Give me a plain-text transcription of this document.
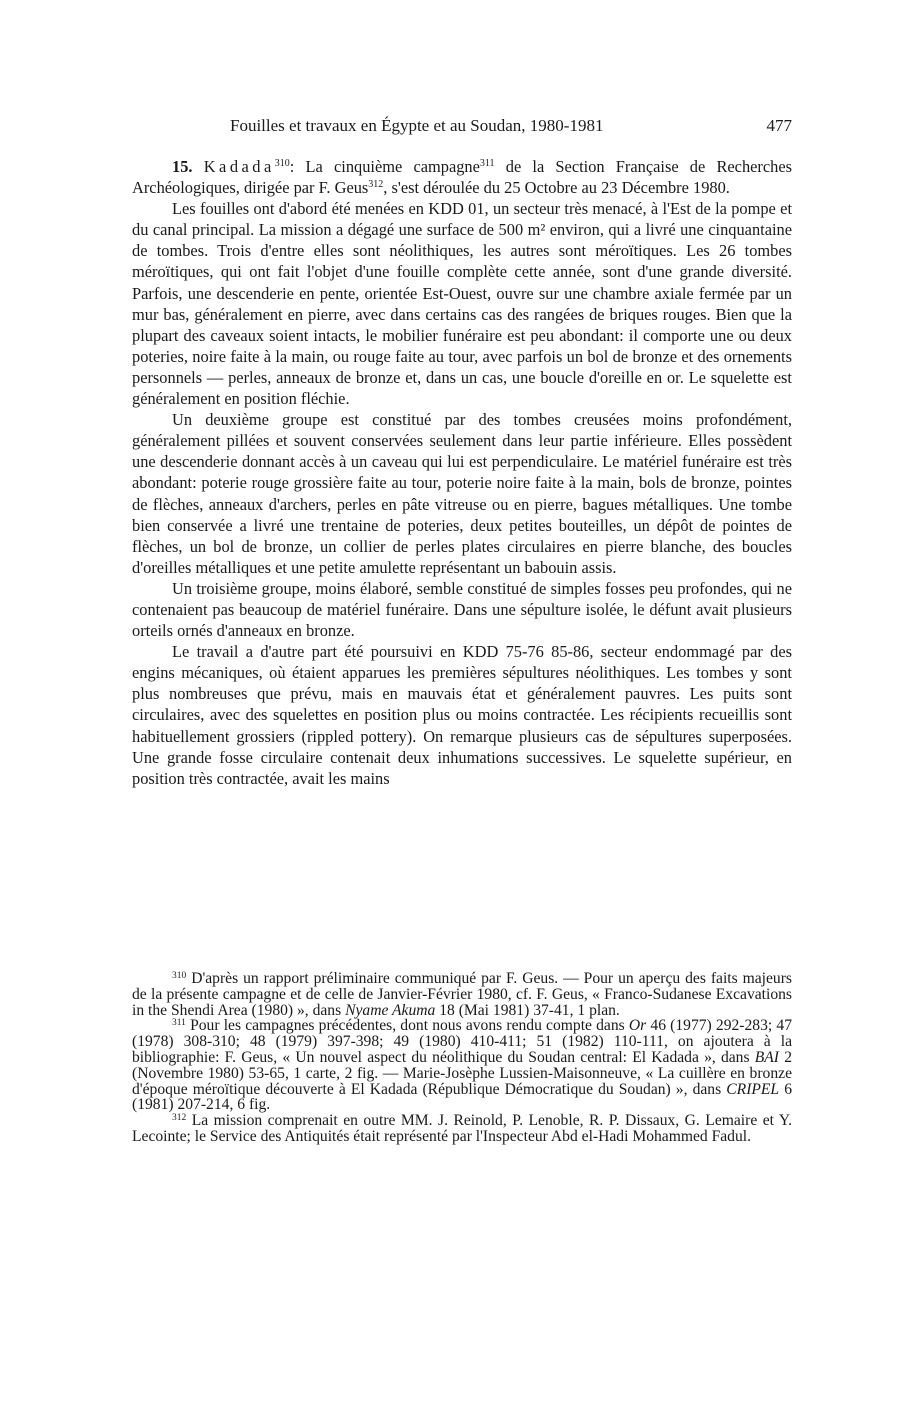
Fouilles et travaux en Égypte et au Soudan, 1980-1981	477

15. Kadada$^{310}$: La cinquième campagne$^{311}$ de la Section Française de Recherches Archéologiques, dirigée par F. Geus$^{312}$, s'est déroulée du 25 Octobre au 23 Décembre 1980.

Les fouilles ont d'abord été menées en KDD 01, un secteur très menacé, à l'Est de la pompe et du canal principal. La mission a dégagé une surface de 500 m² environ, qui a livré une cinquantaine de tombes. Trois d'entre elles sont néolithiques, les autres sont méroïtiques. Les 26 tombes méroïtiques, qui ont fait l'objet d'une fouille complète cette année, sont d'une grande diversité. Parfois, une descenderie en pente, orientée Est-Ouest, ouvre sur une chambre axiale fermée par un mur bas, généralement en pierre, avec dans certains cas des rangées de briques rouges. Bien que la plupart des caveaux soient intacts, le mobilier funéraire est peu abondant: il comporte une ou deux poteries, noire faite à la main, ou rouge faite au tour, avec parfois un bol de bronze et des ornements personnels — perles, anneaux de bronze et, dans un cas, une boucle d'oreille en or. Le squelette est généralement en position fléchie.

Un deuxième groupe est constitué par des tombes creusées moins profondément, généralement pillées et souvent conservées seulement dans leur partie inférieure. Elles possèdent une descenderie donnant accès à un caveau qui lui est perpendiculaire. Le matériel funéraire est très abondant: poterie rouge grossière faite au tour, poterie noire faite à la main, bols de bronze, pointes de flèches, anneaux d'archers, perles en pâte vitreuse ou en pierre, bagues métalliques. Une tombe bien conservée a livré une trentaine de poteries, deux petites bouteilles, un dépôt de pointes de flèches, un bol de bronze, un collier de perles plates circulaires en pierre blanche, des boucles d'oreilles métalliques et une petite amulette représentant un babouin assis.

Un troisième groupe, moins élaboré, semble constitué de simples fosses peu profondes, qui ne contenaient pas beaucoup de matériel funéraire. Dans une sépulture isolée, le défunt avait plusieurs orteils ornés d'anneaux en bronze.

Le travail a d'autre part été poursuivi en KDD 75-76 85-86, secteur endommagé par des engins mécaniques, où étaient apparues les premières sépultures néolithiques. Les tombes y sont plus nombreuses que prévu, mais en mauvais état et généralement pauvres. Les puits sont circulaires, avec des squelettes en position plus ou moins contractée. Les récipients recueillis sont habituellement grossiers (rippled pottery). On remarque plusieurs cas de sépultures superposées. Une grande fosse circulaire contenait deux inhumations successives. Le squelette supérieur, en position très contractée, avait les mains

$^{310}$ D'après un rapport préliminaire communiqué par F. Geus. — Pour un aperçu des faits majeurs de la présente campagne et de celle de Janvier-Février 1980, cf. F. Geus, « Franco-Sudanese Excavations in the Shendi Area (1980) », dans Nyame Akuma 18 (Mai 1981) 37-41, 1 plan.

$^{311}$ Pour les campagnes précédentes, dont nous avons rendu compte dans Or 46 (1977) 292-283; 47 (1978) 308-310; 48 (1979) 397-398; 49 (1980) 410-411; 51 (1982) 110-111, on ajoutera à la bibliographie: F. Geus, « Un nouvel aspect du néolithique du Soudan central: El Kadada », dans BAI 2 (Novembre 1980) 53-65, 1 carte, 2 fig. — Marie-Josèphe Lussien-Maisonneuve, « La cuillère en bronze d'époque méroïtique découverte à El Kadada (République Démocratique du Soudan) », dans CRIPEL 6 (1981) 207-214, 6 fig.

$^{312}$ La mission comprenait en outre MM. J. Reinold, P. Lenoble, R. P. Dissaux, G. Lemaire et Y. Lecointe; le Service des Antiquités était représenté par l'Inspecteur Abd el-Hadi Mohammed Fadul.
